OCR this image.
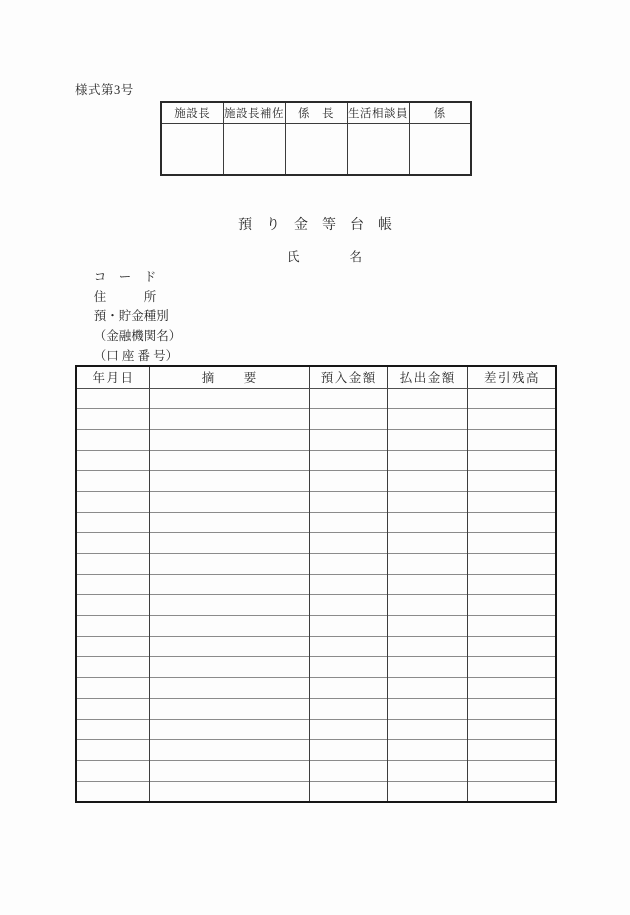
様式第3号
施設長	施設長補佐	係　長	生活相談員	係

預　り　金　等　台　帳

コ　ー　ド

氏　　　　名

住　　　所

預・貯金種別

（金融機関名）

（口 座 番 号）

年月日	摘　　要	預入金額	払出金額	差引残高
